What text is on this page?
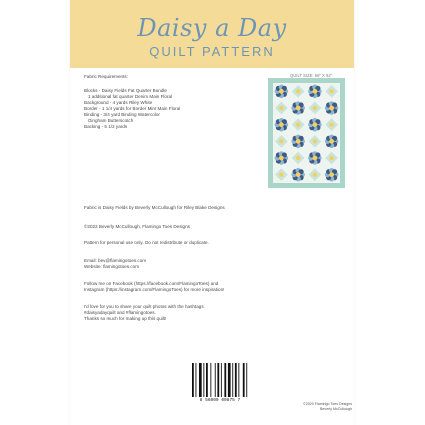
Daisy a Day
QUILT PATTERN
Fabric Requirements:
Blocks - Daisy Fields Fat Quarter Bundle
1 additional fat quarter Denim Main Floral
Background - 4 yards Riley White
Border - 1 1/4 yards for Border Mint Main Floral
Binding - 3/4 yard Binding Watercolor
Gingham Butterscotch
Backing - 5 1/2 yards
QUILT SIZE: 68" X 92"
Fabric is Daisy Fields by Beverly McCullough for Riley Blake Designs
©2022 Beverly McCullough, Flamingo Toes Designs
Pattern for personal use only. Do not redistribute or duplicate.
Email: bev@flamingotoes.com
Website: flamingotoes.com
Follow me on Facebook (https://facebook.com/FlamingoToes) and
Instagram (https://instagram.com/FlamingoToes) for more inspiration!
I'd love for you to share your quilt photos with the hashtags
#daisyadayquilt and #flamingotoes.
Thanks so much for making up this quilt!
8 56000 00875 7
©2020 Flamingo Toes Designs
Beverly McCullough
